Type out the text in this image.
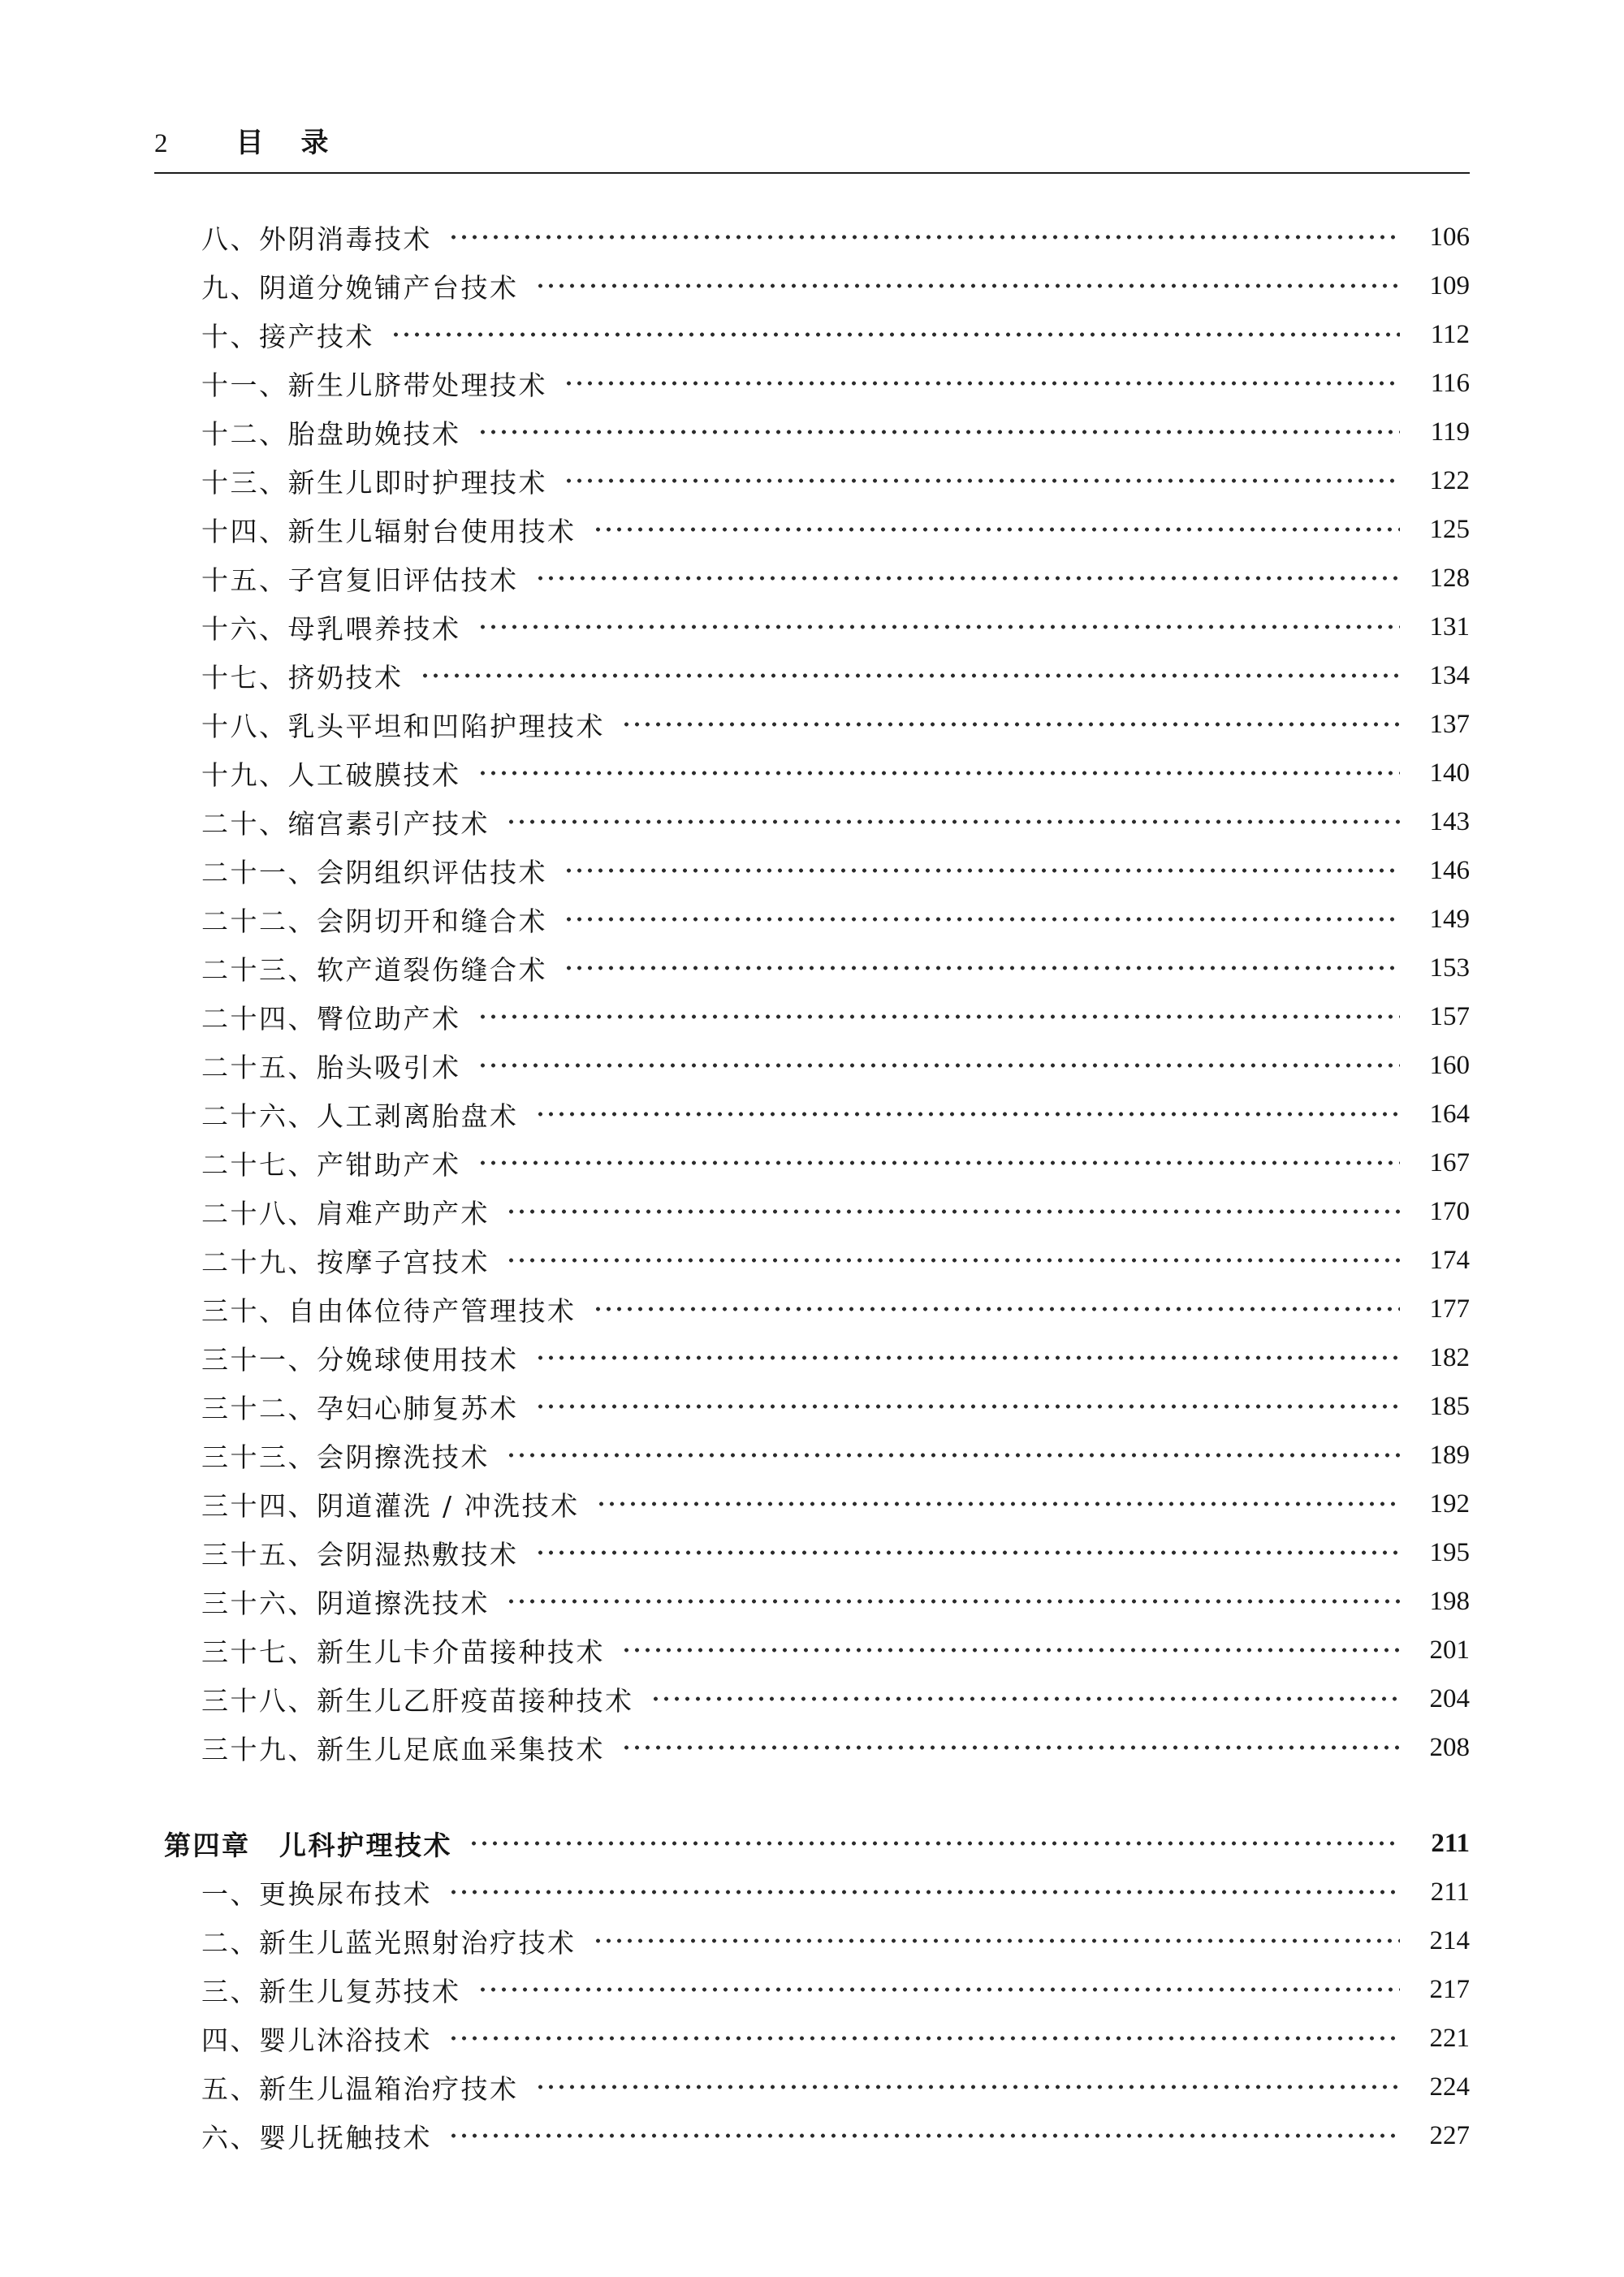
2 目　录
八、外阴消毒技术	106
九、阴道分娩铺产台技术	109
十、接产技术	112
十一、新生儿脐带处理技术	116
十二、胎盘助娩技术	119
十三、新生儿即时护理技术	122
十四、新生儿辐射台使用技术	125
十五、子宫复旧评估技术	128
十六、母乳喂养技术	131
十七、挤奶技术	134
十八、乳头平坦和凹陷护理技术	137
十九、人工破膜技术	140
二十、缩宫素引产技术	143
二十一、会阴组织评估技术	146
二十二、会阴切开和缝合术	149
二十三、软产道裂伤缝合术	153
二十四、臀位助产术	157
二十五、胎头吸引术	160
二十六、人工剥离胎盘术	164
二十七、产钳助产术	167
二十八、肩难产助产术	170
二十九、按摩子宫技术	174
三十、自由体位待产管理技术	177
三十一、分娩球使用技术	182
三十二、孕妇心肺复苏术	185
三十三、会阴擦洗技术	189
三十四、阴道灌洗 / 冲洗技术	192
三十五、会阴湿热敷技术	195
三十六、阴道擦洗技术	198
三十七、新生儿卡介苗接种技术	201
三十八、新生儿乙肝疫苗接种技术	204
三十九、新生儿足底血采集技术	208
第四章　儿科护理技术	211
一、更换尿布技术	211
二、新生儿蓝光照射治疗技术	214
三、新生儿复苏技术	217
四、婴儿沐浴技术	221
五、新生儿温箱治疗技术	224
六、婴儿抚触技术	227
